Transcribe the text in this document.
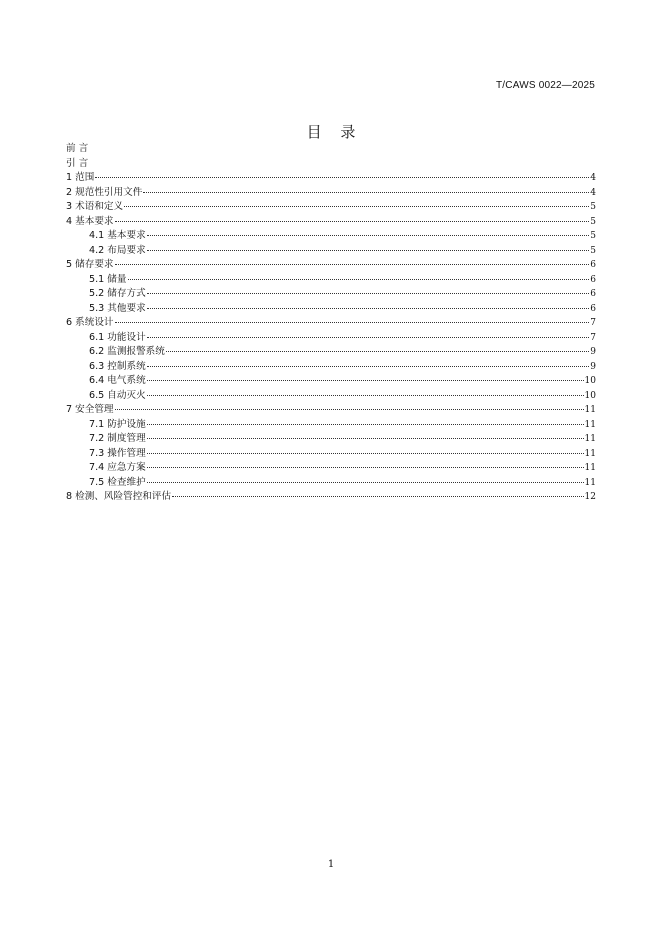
T/CAWS 0022—2025
目 录
前 言
引 言
1 范围	4
2 规范性引用文件	4
3 术语和定义	5
4 基本要求	5
4.1 基本要求	5
4.2 布局要求	5
5 储存要求	6
5.1 储量	6
5.2 储存方式	6
5.3 其他要求	6
6 系统设计	7
6.1 功能设计	7
6.2 监测报警系统	9
6.3 控制系统	9
6.4 电气系统	10
6.5 自动灭火	10
7 安全管理	11
7.1 防护设施	11
7.2 制度管理	11
7.3 操作管理	11
7.4 应急方案	11
7.5 检查维护	11
8 检测、风险管控和评估	12
1
